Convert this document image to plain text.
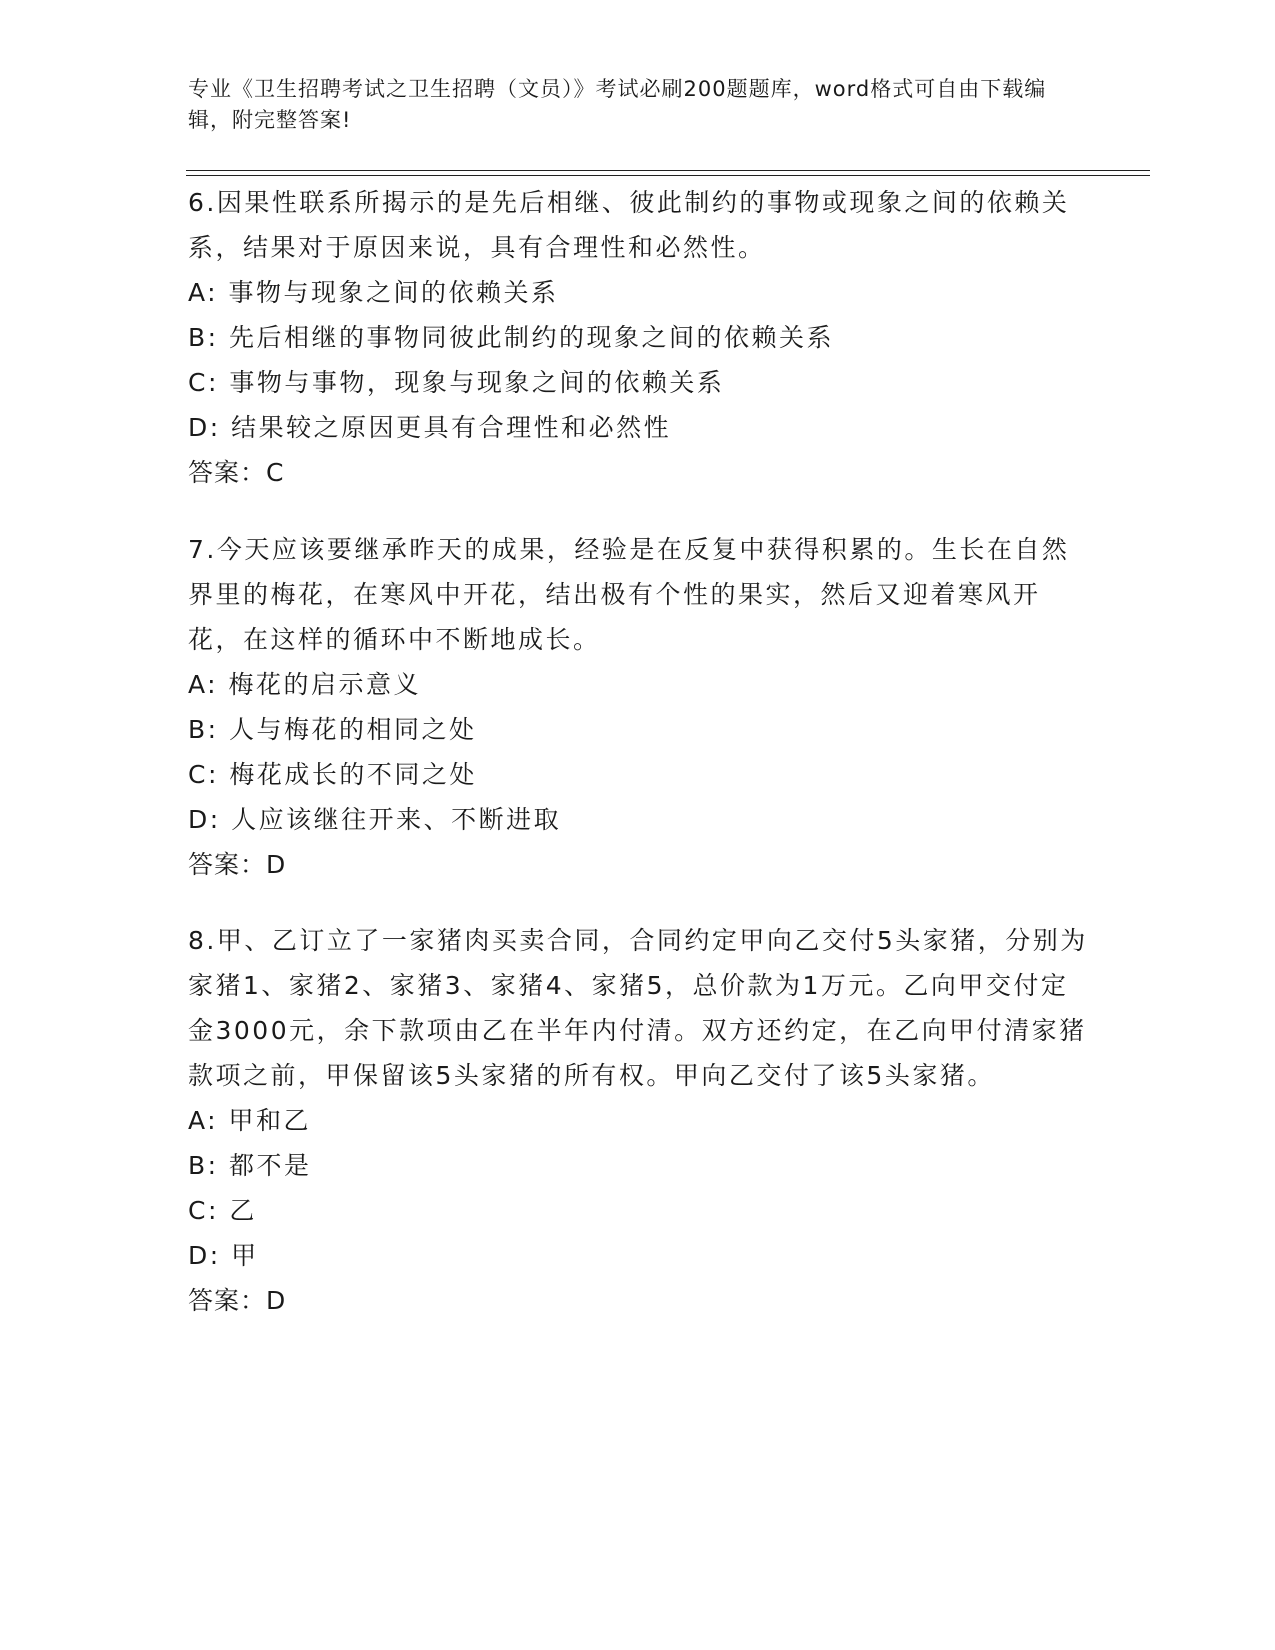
专业《卫生招聘考试之卫生招聘（文员）》考试必刷200题题库，word格式可自由下载编辑，附完整答案!

6.因果性联系所揭示的是先后相继、彼此制约的事物或现象之间的依赖关系，结果对于原因来说，具有合理性和必然性。

A: 事物与现象之间的依赖关系

B: 先后相继的事物同彼此制约的现象之间的依赖关系

C: 事物与事物，现象与现象之间的依赖关系

D: 结果较之原因更具有合理性和必然性

答案：C

7.今天应该要继承昨天的成果，经验是在反复中获得积累的。生长在自然界里的梅花，在寒风中开花，结出极有个性的果实，然后又迎着寒风开花，在这样的循环中不断地成长。

A: 梅花的启示意义

B: 人与梅花的相同之处

C: 梅花成长的不同之处

D: 人应该继往开来、不断进取

答案：D

8.甲、乙订立了一家猪肉买卖合同，合同约定甲向乙交付5头家猪，分别为家猪1、家猪2、家猪3、家猪4、家猪5，总价款为1万元。乙向甲交付定金3000元，余下款项由乙在半年内付清。双方还约定，在乙向甲付清家猪款项之前，甲保留该5头家猪的所有权。甲向乙交付了该5头家猪。

A: 甲和乙

B: 都不是

C: 乙

D: 甲

答案：D
